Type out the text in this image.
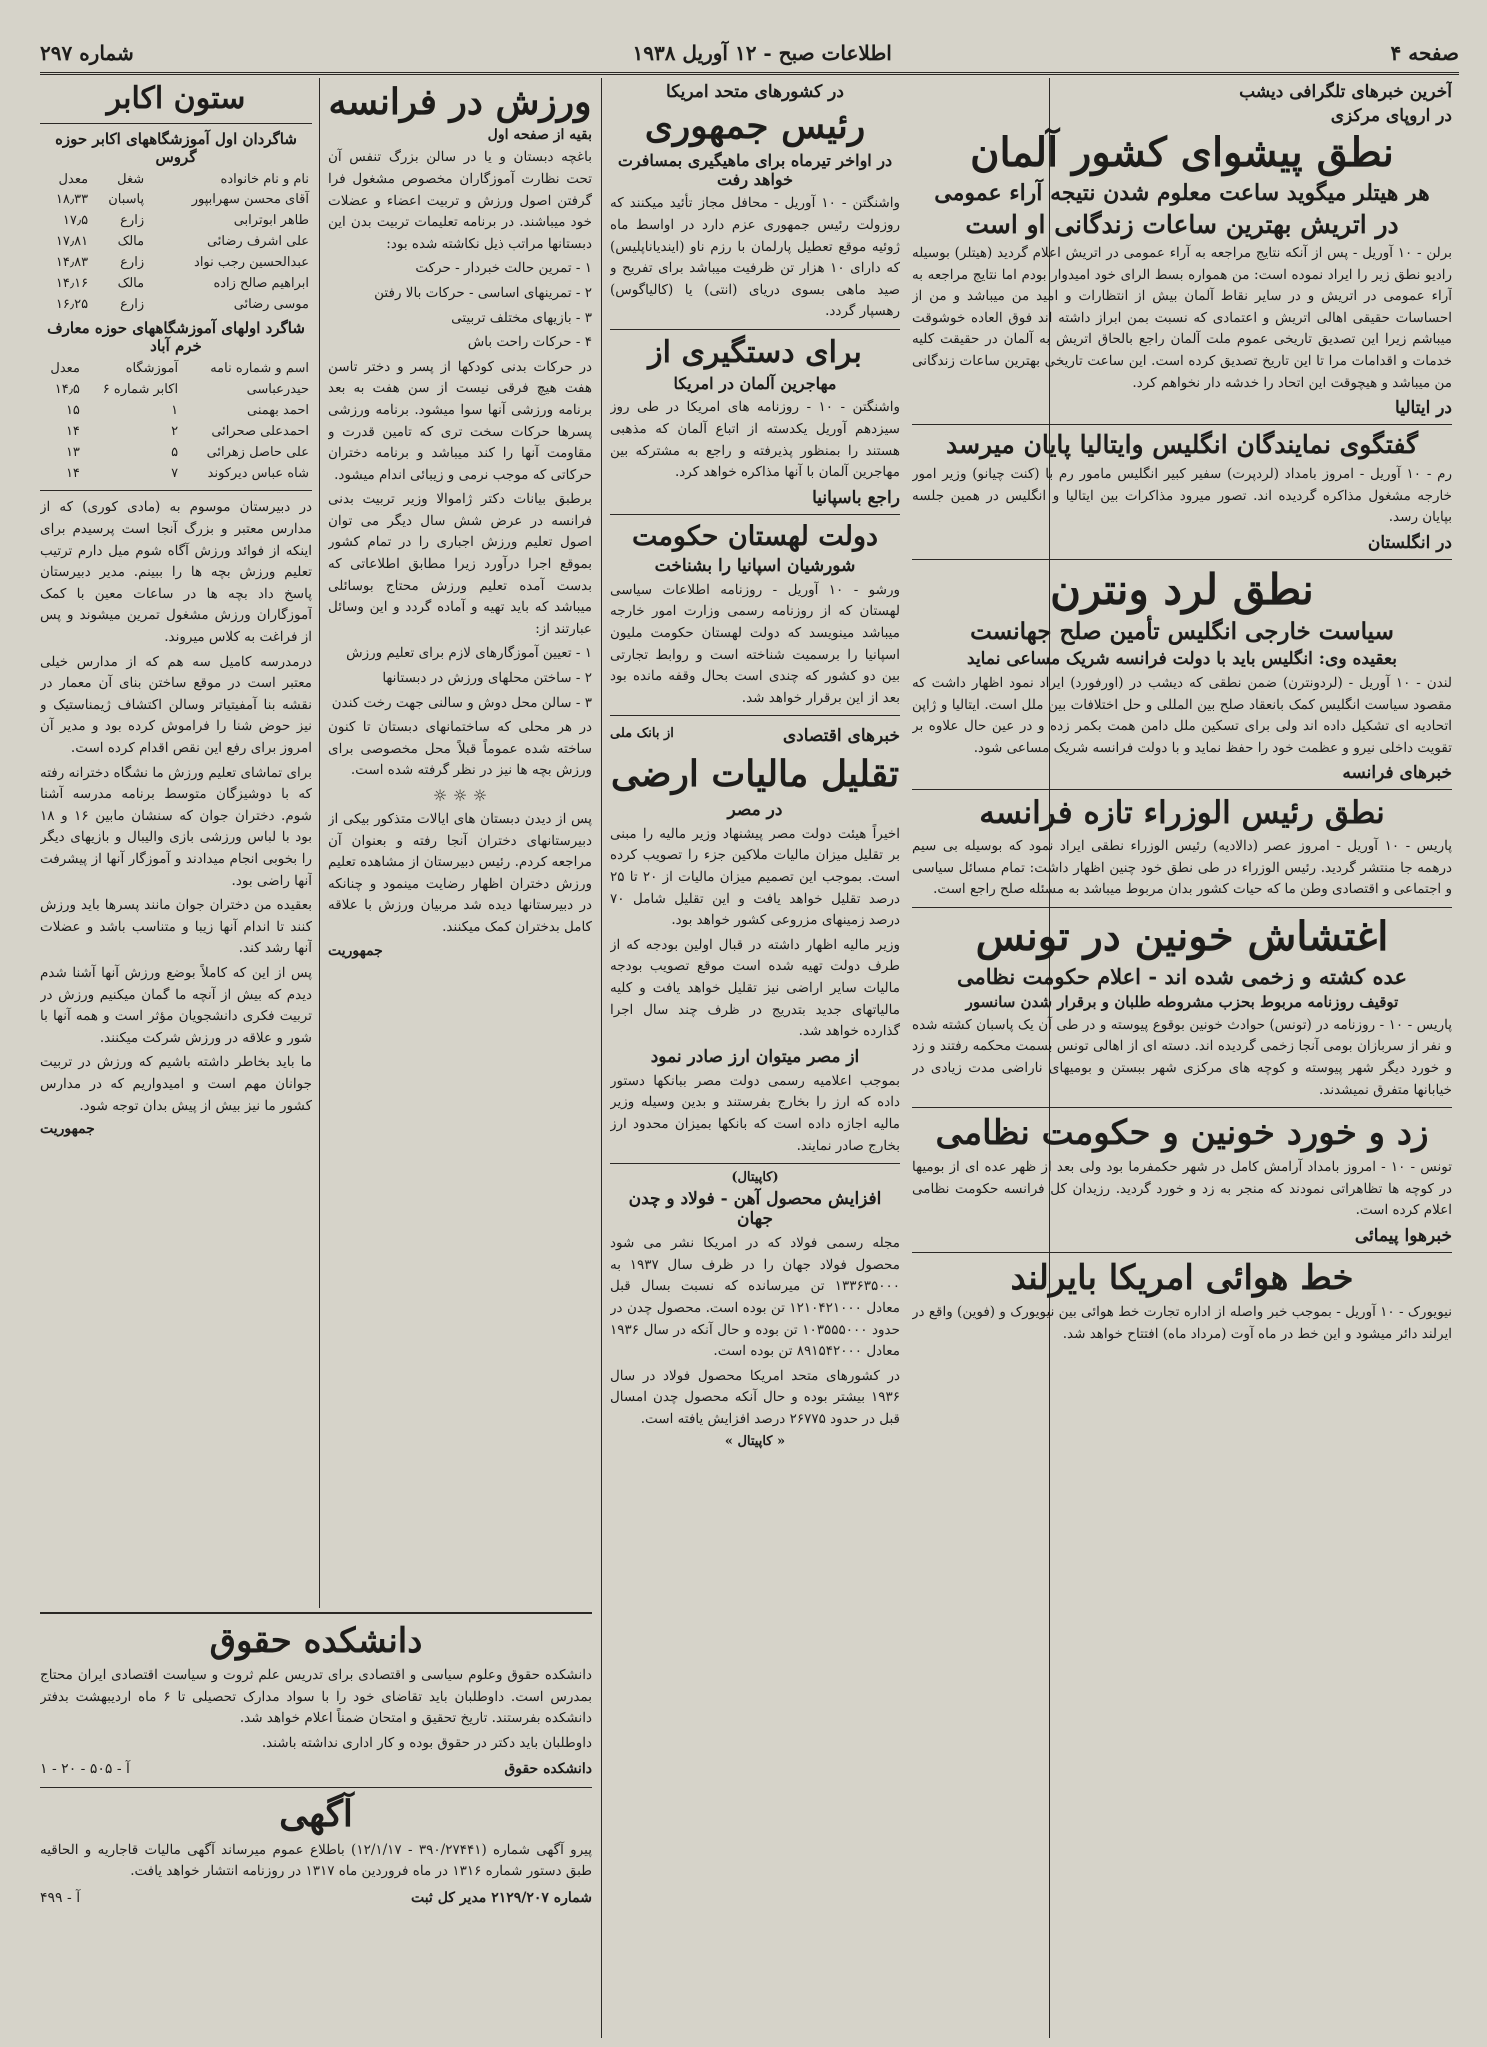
صفحه ۴
اطلاعات صبح - ۱۲ آوریل ۱۹۳۸
شماره ۲۹۷
آخرین خبرهای تلگرافی دیشب
در اروپای مرکزی
نطق پیشوای کشور آلمان
هر هیتلر میگوید ساعت معلوم شدن نتیجه آراء عمومی
در اتریش بهترین ساعات زندگانی او است
برلن - ۱۰ آوریل - پس از آنکه نتایج مراجعه به آراء عمومی در اتریش اعلام گردید (هیتلر) بوسیله رادیو نطق زیر را ایراد نموده است: من همواره بسط الرای خود امیدوار بودم اما نتایج مراجعه به آراء عمومی در اتریش و در سایر نقاط آلمان بیش از انتظارات و امید من میباشد و من از احساسات حقیقی اهالی اتریش و اعتمادی که نسبت بمن ابراز داشته اند فوق العاده خوشوقت میباشم زیرا این تصدیق تاریخی عموم ملت آلمان راجع بالحاق اتریش به آلمان در حقیقت کلیه خدمات و اقدامات مرا تا این تاریخ تصدیق کرده است. این ساعت تاریخی بهترین ساعات زندگانی من میباشد و هیچوقت این اتحاد را خدشه دار نخواهم کرد.
در ایتالیا
گفتگوی نمایندگان انگلیس وایتالیا پایان میرسد
رم - ۱۰ آوریل - امروز بامداد (لردپرت) سفیر کبیر انگلیس مامور رم با (کنت چیانو) وزیر امور خارجه مشغول مذاکره گردیده اند. تصور میرود مذاکرات بین ایتالیا و انگلیس در همین جلسه بپایان رسد.
در انگلستان
نطق لرد ونترن
سیاست خارجی انگلیس تأمین صلح جهانست
بعقیده وی: انگلیس باید با دولت فرانسه شریک مساعی نماید
لندن - ۱۰ آوریل - (لردونترن) ضمن نطقی که دیشب در (اورفورد) ایراد نمود اظهار داشت که مقصود سیاست انگلیس کمک بانعقاد صلح بین المللی و حل اختلافات بین ملل است. ایتالیا و ژاپن اتحادیه ای تشکیل داده اند ولی برای تسکین ملل دامن همت بکمر زده و در عین حال علاوه بر تقویت داخلی نیرو و عظمت خود را حفظ نماید و با دولت فرانسه شریک مساعی شود.
خبرهای فرانسه
نطق رئیس الوزراء تازه فرانسه
پاریس - ۱۰ آوریل - امروز عصر (دالادیه) رئیس الوزراء نطقی ایراد نمود که بوسیله بی سیم درهمه جا منتشر گردید. رئیس الوزراء در طی نطق خود چنین اظهار داشت: تمام مسائل سیاسی و اجتماعی و اقتصادی وطن ما که حیات کشور بدان مربوط میباشد به مسئله صلح راجع است.
اغتشاش خونین در تونس
عده کشته و زخمی شده اند - اعلام حکومت نظامی
توقیف روزنامه مربوط بحزب مشروطه طلبان و برقرار شدن سانسور
پاریس - ۱۰ - روزنامه در (تونس) حوادث خونین بوقوع پیوسته و در طی آن یک پاسبان کشته شده و نفر از سربازان بومی آنجا زخمی گردیده اند. دسته ای از اهالی تونس بسمت محکمه رفتند و زد و خورد دیگر شهر پیوسته و کوچه های مرکزی شهر ببستن و بومیهای ناراضی مدت زیادی در خیابانها متفرق نمیشدند.
زد و خورد خونین و حکومت نظامی
تونس - ۱۰ - امروز بامداد آرامش کامل در شهر حکمفرما بود ولی بعد از ظهر عده ای از بومیها در کوچه ها تظاهراتی نمودند که منجر به زد و خورد گردید. رزیدان کل فرانسه حکومت نظامی اعلام کرده است.
خبرهوا پیمائی
خط هوائی امریکا بایرلند
نیویورک - ۱۰ آوریل - بموجب خبر واصله از اداره تجارت خط هوائی بین نیویورک و (فوین) واقع در ایرلند دائر میشود و این خط در ماه آوت (مرداد ماه) افتتاح خواهد شد.
در کشورهای متحد امریکا
رئیس جمهوری
در اواخر تیرماه برای ماهیگیری بمسافرت خواهد رفت
واشنگتن - ۱۰ آوریل - محافل مجاز تأئید میکنند که روزولت رئیس جمهوری عزم دارد در اواسط ماه ژوئیه موقع تعطیل پارلمان با رزم ناو (ایندیاناپلیس) که دارای ۱۰ هزار تن ظرفیت میباشد برای تفریح و صید ماهی بسوی دریای (انتی) یا (کالیاگوس) رهسپار گردد.
برای دستگیری از
مهاجرین آلمان در امریکا
واشنگتن - ۱۰ - روزنامه های امریکا در طی روز سیزدهم آوریل یکدسته از اتباع آلمان که مذهبی هستند را بمنظور پذیرفته و راجع به مشترکه بین مهاجرین آلمان با آنها مذاکره خواهد کرد.
راجع باسپانیا
دولت لهستان حکومت
شورشیان اسپانیا را بشناخت
ورشو - ۱۰ آوریل - روزنامه اطلاعات سیاسی لهستان که از روزنامه رسمی وزارت امور خارجه میباشد مینویسد که دولت لهستان حکومت ملیون اسپانیا را برسمیت شناخته است و روابط تجارتی بین دو کشور که چندی است بحال وقفه مانده بود بعد از این برقرار خواهد شد.
خبرهای اقتصادی
از بانک ملی
تقلیل مالیات ارضی
در مصر
اخیراً هیئت دولت مصر پیشنهاد وزیر مالیه را مبنی بر تقلیل میزان مالیات ملاکین جزء را تصویب کرده است. بموجب این تصمیم میزان مالیات از ۲۰ تا ۲۵ درصد تقلیل خواهد یافت و این تقلیل شامل ۷۰ درصد زمینهای مزروعی کشور خواهد بود.
وزیر مالیه اظهار داشته در قبال اولین بودجه که از طرف دولت تهیه شده است موقع تصویب بودجه مالیات سایر اراضی نیز تقلیل خواهد یافت و کلیه مالیاتهای جدید بتدریج در ظرف چند سال اجرا گذارده خواهد شد.
از مصر میتوان ارز صادر نمود
بموجب اعلامیه رسمی دولت مصر ببانکها دستور داده که ارز را بخارج بفرستند و بدین وسیله وزیر مالیه اجازه داده است که بانکها بمیزان محدود ارز بخارج صادر نمایند.
(کاپیتال)
افزایش محصول آهن - فولاد و چدن جهان
مجله رسمی فولاد که در امریکا نشر می شود محصول فولاد جهان را در ظرف سال ۱۹۳۷ به ۱۳۳۶۳۵۰۰۰ تن میرسانده که نسبت بسال قبل معادل ۱۲۱۰۴۲۱۰۰۰ تن بوده است. محصول چدن در حدود ۱۰۳۵۵۵۰۰۰ تن بوده و حال آنکه در سال ۱۹۳۶ معادل ۸۹۱۵۴۲۰۰۰ تن بوده است.
در کشورهای متحد امریکا محصول فولاد در سال ۱۹۳۶ بیشتر بوده و حال آنکه محصول چدن امسال قبل در حدود ۲۶۷۷۵ درصد افزایش یافته است.
« کاپیتال »
ورزش در فرانسه
بقیه از صفحه اول
باغچه دبستان و یا در سالن بزرگ تنفس آن تحت نظارت آموزگاران مخصوص مشغول فرا گرفتن اصول ورزش و تربیت اعضاء و عضلات خود میباشند. در برنامه تعلیمات تربیت بدن این دبستانها مراتب ذیل نکاشته شده بود:
۱ - تمرین حالت خبردار - حرکت
۲ - تمرینهای اساسی - حرکات بالا رفتن
۳ - بازیهای مختلف تربیتی
۴ - حرکات راحت باش
در حرکات بدنی کودکها از پسر و دختر تاسن هفت هیچ فرقی نیست از سن هفت به بعد برنامه ورزشی آنها سوا میشود. برنامه ورزشی پسرها حرکات سخت تری که تامین قدرت و مقاومت آنها را کند میباشد و برنامه دختران حرکاتی که موجب نرمی و زیبائی اندام میشود.
برطبق بیانات دکتر ژاموالا وزیر تربیت بدنی فرانسه در عرض شش سال دیگر می توان اصول تعلیم ورزش اجباری را در تمام کشور بموقع اجرا درآورد زیرا مطابق اطلاعاتی که بدست آمده تعلیم ورزش محتاج بوسائلی میباشد که باید تهیه و آماده گردد و این وسائل عبارتند از:
۱ - تعیین آموزگارهای لازم برای تعلیم ورزش
۲ - ساختن محلهای ورزش در دبستانها
۳ - سالن محل دوش و سالنی جهت رخت کندن
در هر محلی که ساختمانهای دبستان تا کنون ساخته شده عموماً قبلاً محل مخصوصی برای ورزش بچه ها نیز در نظر گرفته شده است.
☼ ☼ ☼
پس از دیدن دبستان های ایالات متذکور بیکی از دبیرستانهای دختران آنجا رفته و بعنوان آن مراجعه کردم. رئیس دبیرستان از مشاهده تعلیم ورزش دختران اظهار رضایت مینمود و چنانکه در دبیرستانها دیده شد مربیان ورزش با علاقه کامل بدختران کمک میکنند.
جمهوریت
ستون اکابر
شاگردان اول آموزشگاههای اکابر حوزه گروس
نام و نام خانواده	شغل	معدل
آقای محسن سهرابپور	پاسبان	۱۸٫۳۳
طاهر ابوترابی	زارع	۱۷٫۵
علی اشرف رضائی	مالک	۱۷٫۸۱
عبدالحسین رجب نواد	زارع	۱۴٫۸۳
ابراهیم صالح زاده	مالک	۱۴٫۱۶
موسی رضائی	زارع	۱۶٫۲۵
شاگرد اولهای آموزشگاههای حوزه معارف خرم آباد
اسم و شماره نامه	آموزشگاه	معدل
حیدرعباسی	اکابر شماره ۶	۱۴٫۵
احمد بهمنی	۱	۱۵
احمدعلی صحرائی	۲	۱۴
علی حاصل زهرائی	۵	۱۳
شاه عباس دیرکوند	۷	۱۴
در دبیرستان موسوم به (مادی کوری) که از مدارس معتبر و بزرگ آنجا است پرسیدم برای اینکه از فوائد ورزش آگاه شوم میل دارم ترتیب تعلیم ورزش بچه ها را ببینم. مدیر دبیرستان پاسخ داد بچه ها در ساعات معین با کمک آموزگاران ورزش مشغول تمرین میشوند و پس از فراغت به کلاس میروند.
درمدرسه کامیل سه هم که از مدارس خیلی معتبر است در موقع ساختن بنای آن معمار در نقشه بنا آمفیتیاتر وسالن اکتشاف ژیمناستیک و نیز حوض شنا را فراموش کرده بود و مدیر آن امروز برای رفع این نقص اقدام کرده است.
برای تماشای تعلیم ورزش ما نشگاه دخترانه رفته که با دوشیزگان متوسط برنامه مدرسه آشنا شوم. دختران جوان که سنشان مابین ۱۶ و ۱۸ بود با لباس ورزشی بازی والیبال و بازیهای دیگر را بخوبی انجام میدادند و آموزگار آنها از پیشرفت آنها راضی بود.
بعقیده من دختران جوان مانند پسرها باید ورزش کنند تا اندام آنها زیبا و متناسب باشد و عضلات آنها رشد کند.
پس از این که کاملاً بوضع ورزش آنها آشنا شدم دیدم که بیش از آنچه ما گمان میکنیم ورزش در تربیت فکری دانشجویان مؤثر است و همه آنها با شور و علاقه در ورزش شرکت میکنند.
ما باید بخاطر داشته باشیم که ورزش در تربیت جوانان مهم است و امیدواریم که در مدارس کشور ما نیز بیش از پیش بدان توجه شود.
جمهوریت
دانشکده حقوق
دانشکده حقوق وعلوم سیاسی و اقتصادی برای تدریس علم ثروت و سیاست اقتصادی ایران محتاج بمدرس است. داوطلبان باید تقاضای خود را با سواد مدارک تحصیلی تا ۶ ماه اردیبهشت بدفتر دانشکده بفرستند. تاریخ تحقیق و امتحان ضمناً اعلام خواهد شد.
داوطلبان باید دکتر در حقوق بوده و کار اداری نداشته باشند.
دانشکده حقوق
آ - ۵۰۵ - ۲۰ - ۱
آگهی
پیرو آگهی شماره (۳۹۰/۲۷۴۴۱ - ۱۲/۱/۱۷) باطلاع عموم میرساند آگهی مالیات قاجاریه و الحاقیه طبق دستور شماره ۱۳۱۶ در ماه فروردین ماه ۱۳۱۷ در روزنامه انتشار خواهد یافت.
شماره ۲۱۲۹/۲۰۷ مدیر کل ثبت
آ - ۴۹۹
